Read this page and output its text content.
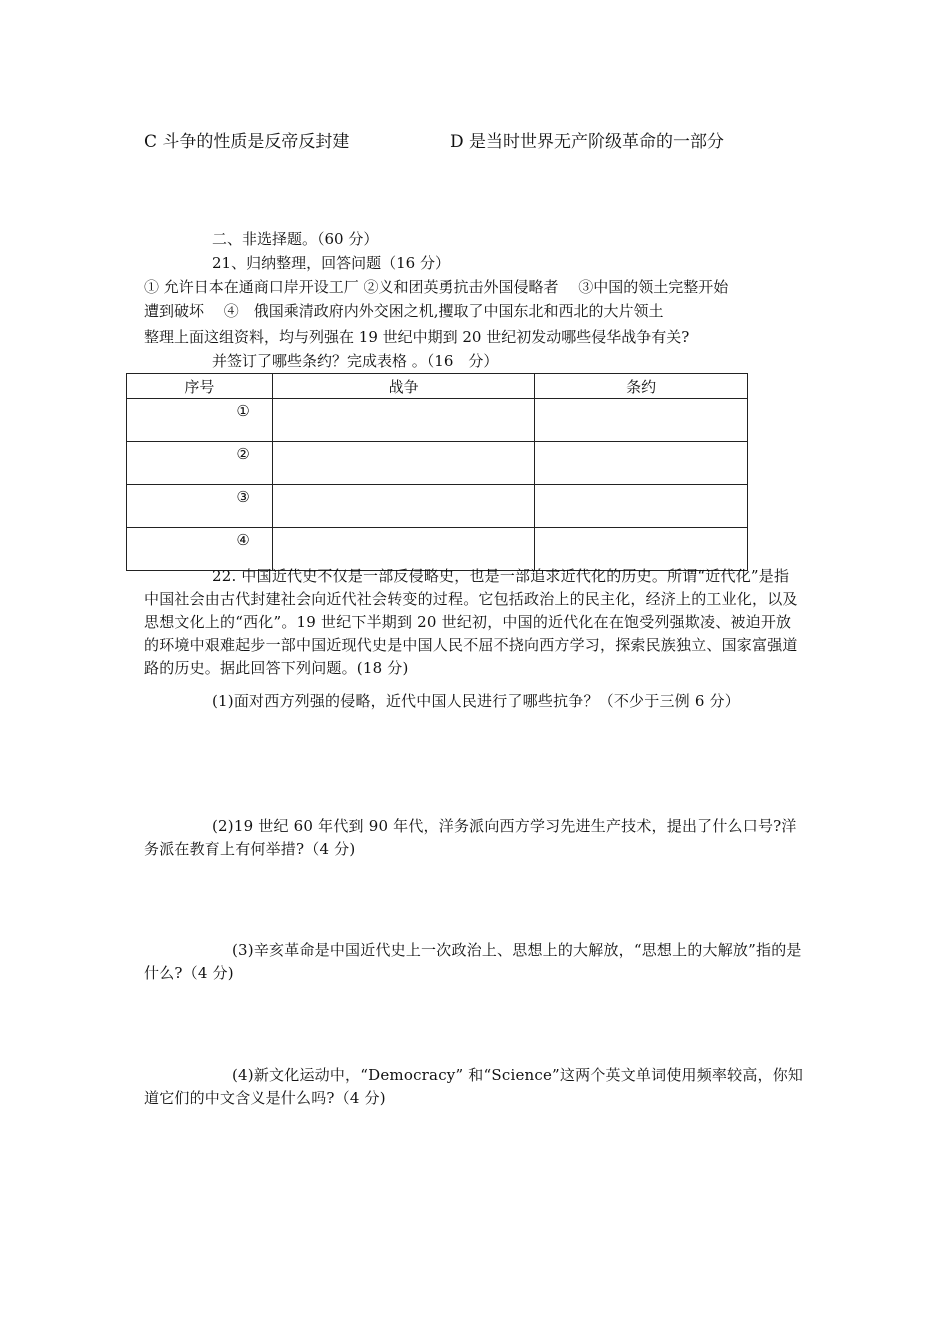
C 斗争的性质是反帝反封建	D 是当时世界无产阶级革命的一部分
二、非选择题。（60 分）
21、归纳整理，回答问题（16 分）
① 允许日本在通商口岸开设工厂 ②义和团英勇抗击外国侵略者　 ③中国的领土完整开始
遭到破坏　 ④　俄国乘清政府内外交困之机,攫取了中国东北和西北的大片领土
整理上面这组资料，均与列强在 19 世纪中期到 20 世纪初发动哪些侵华战争有关?
并签订了哪些条约？完成表格 。（16　分）
序号	战争	条约
①		
②		
③		
④		
22. 中国近代史不仅是一部反侵略史，也是一部追求近代化的历史。所谓“近代化”是指中国社会由古代封建社会向近代社会转变的过程。它包括政治上的民主化，经济上的工业化，以及思想文化上的“西化”。19 世纪下半期到 20 世纪初，中国的近代化在在饱受列强欺凌、被迫开放的环境中艰难起步一部中国近现代史是中国人民不屈不挠向西方学习，探索民族独立、国家富强道路的历史。据此回答下列问题。(18 分)
(1)面对西方列强的侵略，近代中国人民进行了哪些抗争？（不少于三例 6 分）
(2)19 世纪 60 年代到 90 年代，洋务派向西方学习先进生产技术，提出了什么口号?洋务派在教育上有何举措?（4 分)
(3)辛亥革命是中国近代史上一次政治上、思想上的大解放，“思想上的大解放”指的是什么?（4 分)
(4)新文化运动中，“Democracy” 和“Science”这两个英文单词使用频率较高，你知道它们的中文含义是什么吗?（4 分)
